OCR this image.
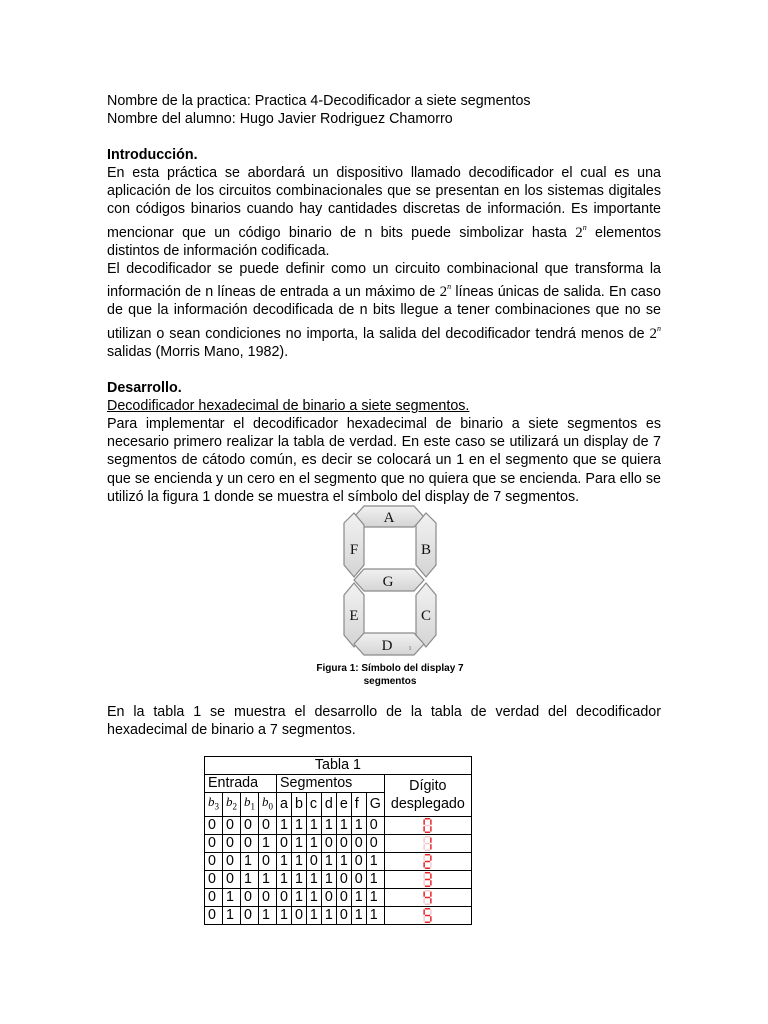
Nombre de la practica: Practica 4-Decodificador a siete segmentos
Nombre del alumno: Hugo Javier Rodriguez Chamorro
Introducción.

En esta práctica se abordará un dispositivo llamado decodificador el cual es una aplicación de los circuitos combinacionales que se presentan en los sistemas digitales con códigos binarios cuando hay cantidades discretas de información. Es importante mencionar que un código binario de n bits puede simbolizar hasta 2$^n$ elementos distintos de información codificada.

El decodificador se puede definir como un circuito combinacional que transforma la información de n líneas de entrada a un máximo de 2$^n$ líneas únicas de salida. En caso de que la información decodificada de n bits llegue a tener combinaciones que no se utilizan o sean condiciones no importa, la salida del decodificador tendrá menos de 2$^n$ salidas (Morris Mano, 1982).

Desarrollo.
Decodificador hexadecimal de binario a siete segmentos.

Para implementar el decodificador hexadecimal de binario a siete segmentos es necesario primero realizar la tabla de verdad. En este caso se utilizará un display de 7 segmentos de cátodo común, es decir se colocará un 1 en el segmento que se quiera que se encienda y un cero en el segmento que no quiera que se encienda. Para ello se utilizó la figura 1 donde se muestra el símbolo del display de 7 segmentos.

A
B
C
D
E
F
G
1
Figura 1: Símbolo del display 7
segmentos

En la tabla 1 se muestra el desarrollo de la tabla de verdad del decodificador hexadecimal de binario a 7 segmentos.

Tabla 1											
Entrada				Segmentos							Dígito
desplegado

$b_3$	$b_2$	$b_1$	$b_0$	a	b	c	d	e	f	G	
0	0	0	0	1	1	1	1	1	1	0	

0	0	0	1	0	1	1	0	0	0	0	

0	0	1	0	1	1	0	1	1	0	1	

0	0	1	1	1	1	1	1	0	0	1	

0	1	0	0	0	1	1	0	0	1	1	

0	1	0	1	1	0	1	1	0	1	1	
